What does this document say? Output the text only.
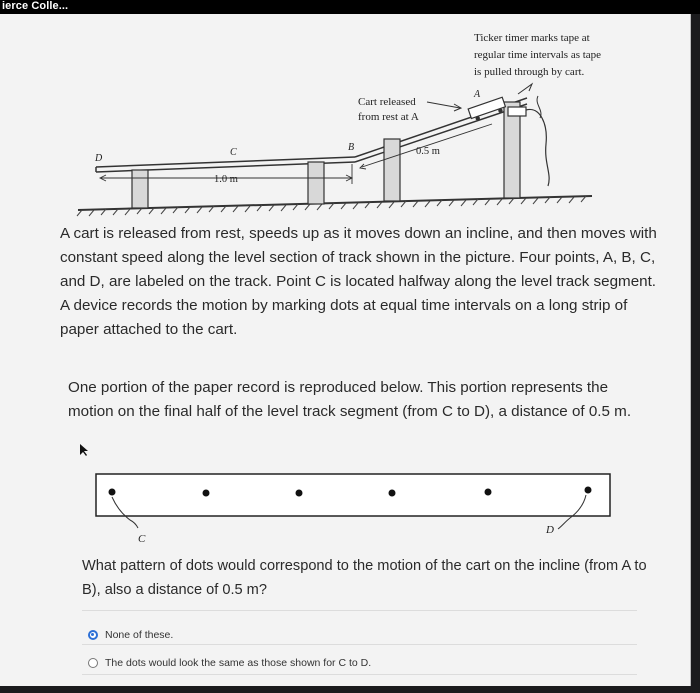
ierce Colle...
Ticker timer marks tape at
regular time intervals as tape
is pulled through by cart.
Cart released
from rest at A
A
B
C
D
0.5 m
1.0 m

A cart is released from rest, speeds up as it moves down an incline, and then moves with constant speed along the level section of track shown in the picture. Four points, A, B, C, and D, are labeled on the track. Point C is located halfway along the level track segment. A device records the motion by marking dots at equal time intervals on a long strip of paper attached to the cart.

One portion of the paper record is reproduced below. This portion represents the motion on the final half of the level track segment (from C to D), a distance of 0.5 m.

C
D

What pattern of dots would correspond to the motion of the cart on the incline (from A to B), also a distance of 0.5 m?

None of these.
The dots would look the same as those shown for C to D.
